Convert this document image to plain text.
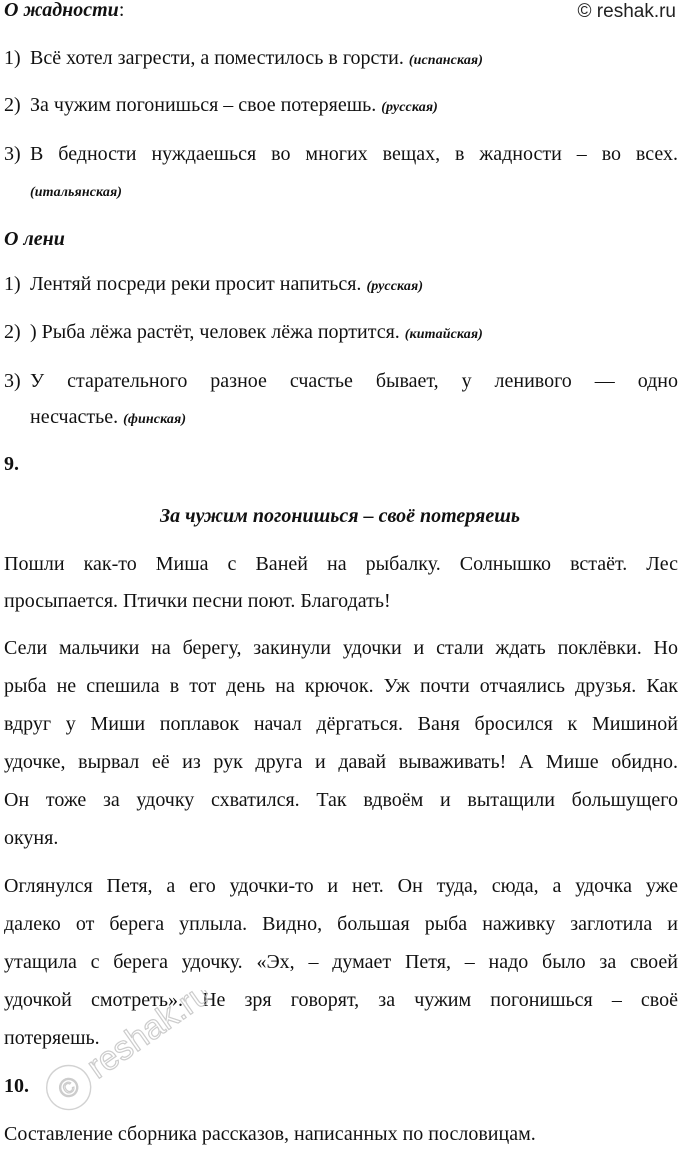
О жадности:	© reshak.ru
1) Всё хотел загрести, а поместилось в горсти. (испанская)
2) За чужим погонишься – свое потеряешь. (русская)
3) В бедности нуждаешься во многих вещах, в жадности – во всех.
(итальянская)
О лени
1) Лентяй посреди реки просит напиться. (русская)
2) ) Рыба лёжа растёт, человек лёжа портится. (китайская)
3) У старательного разное счастье бывает, у ленивого — одно
несчастье. (финская)
9.
За чужим погонишься – своё потеряешь
Пошли как-то Миша с Ваней на рыбалку. Солнышко встаёт. Лес
просыпается. Птички песни поют. Благодать!
Сели мальчики на берегу, закинули удочки и стали ждать поклёвки. Но
рыба не спешила в тот день на крючок. Уж почти отчаялись друзья. Как
вдруг у Миши поплавок начал дёргаться. Ваня бросился к Мишиной
удочке, вырвал её из рук друга и давай вываживать! А Мише обидно.
Он тоже за удочку схватился. Так вдвоём и вытащили большущего
окуня.
Оглянулся Петя, а его удочки-то и нет. Он туда, сюда, а удочка уже
далеко от берега уплыла. Видно, большая рыба наживку заглотила и
утащила с берега удочку. «Эх, – думает Петя, – надо было за своей
удочкой смотреть». Не зря говорят, за чужим погонишься – своё
потеряешь.
10.
Составление сборника рассказов, написанных по пословицам.
©
reshak.ru
